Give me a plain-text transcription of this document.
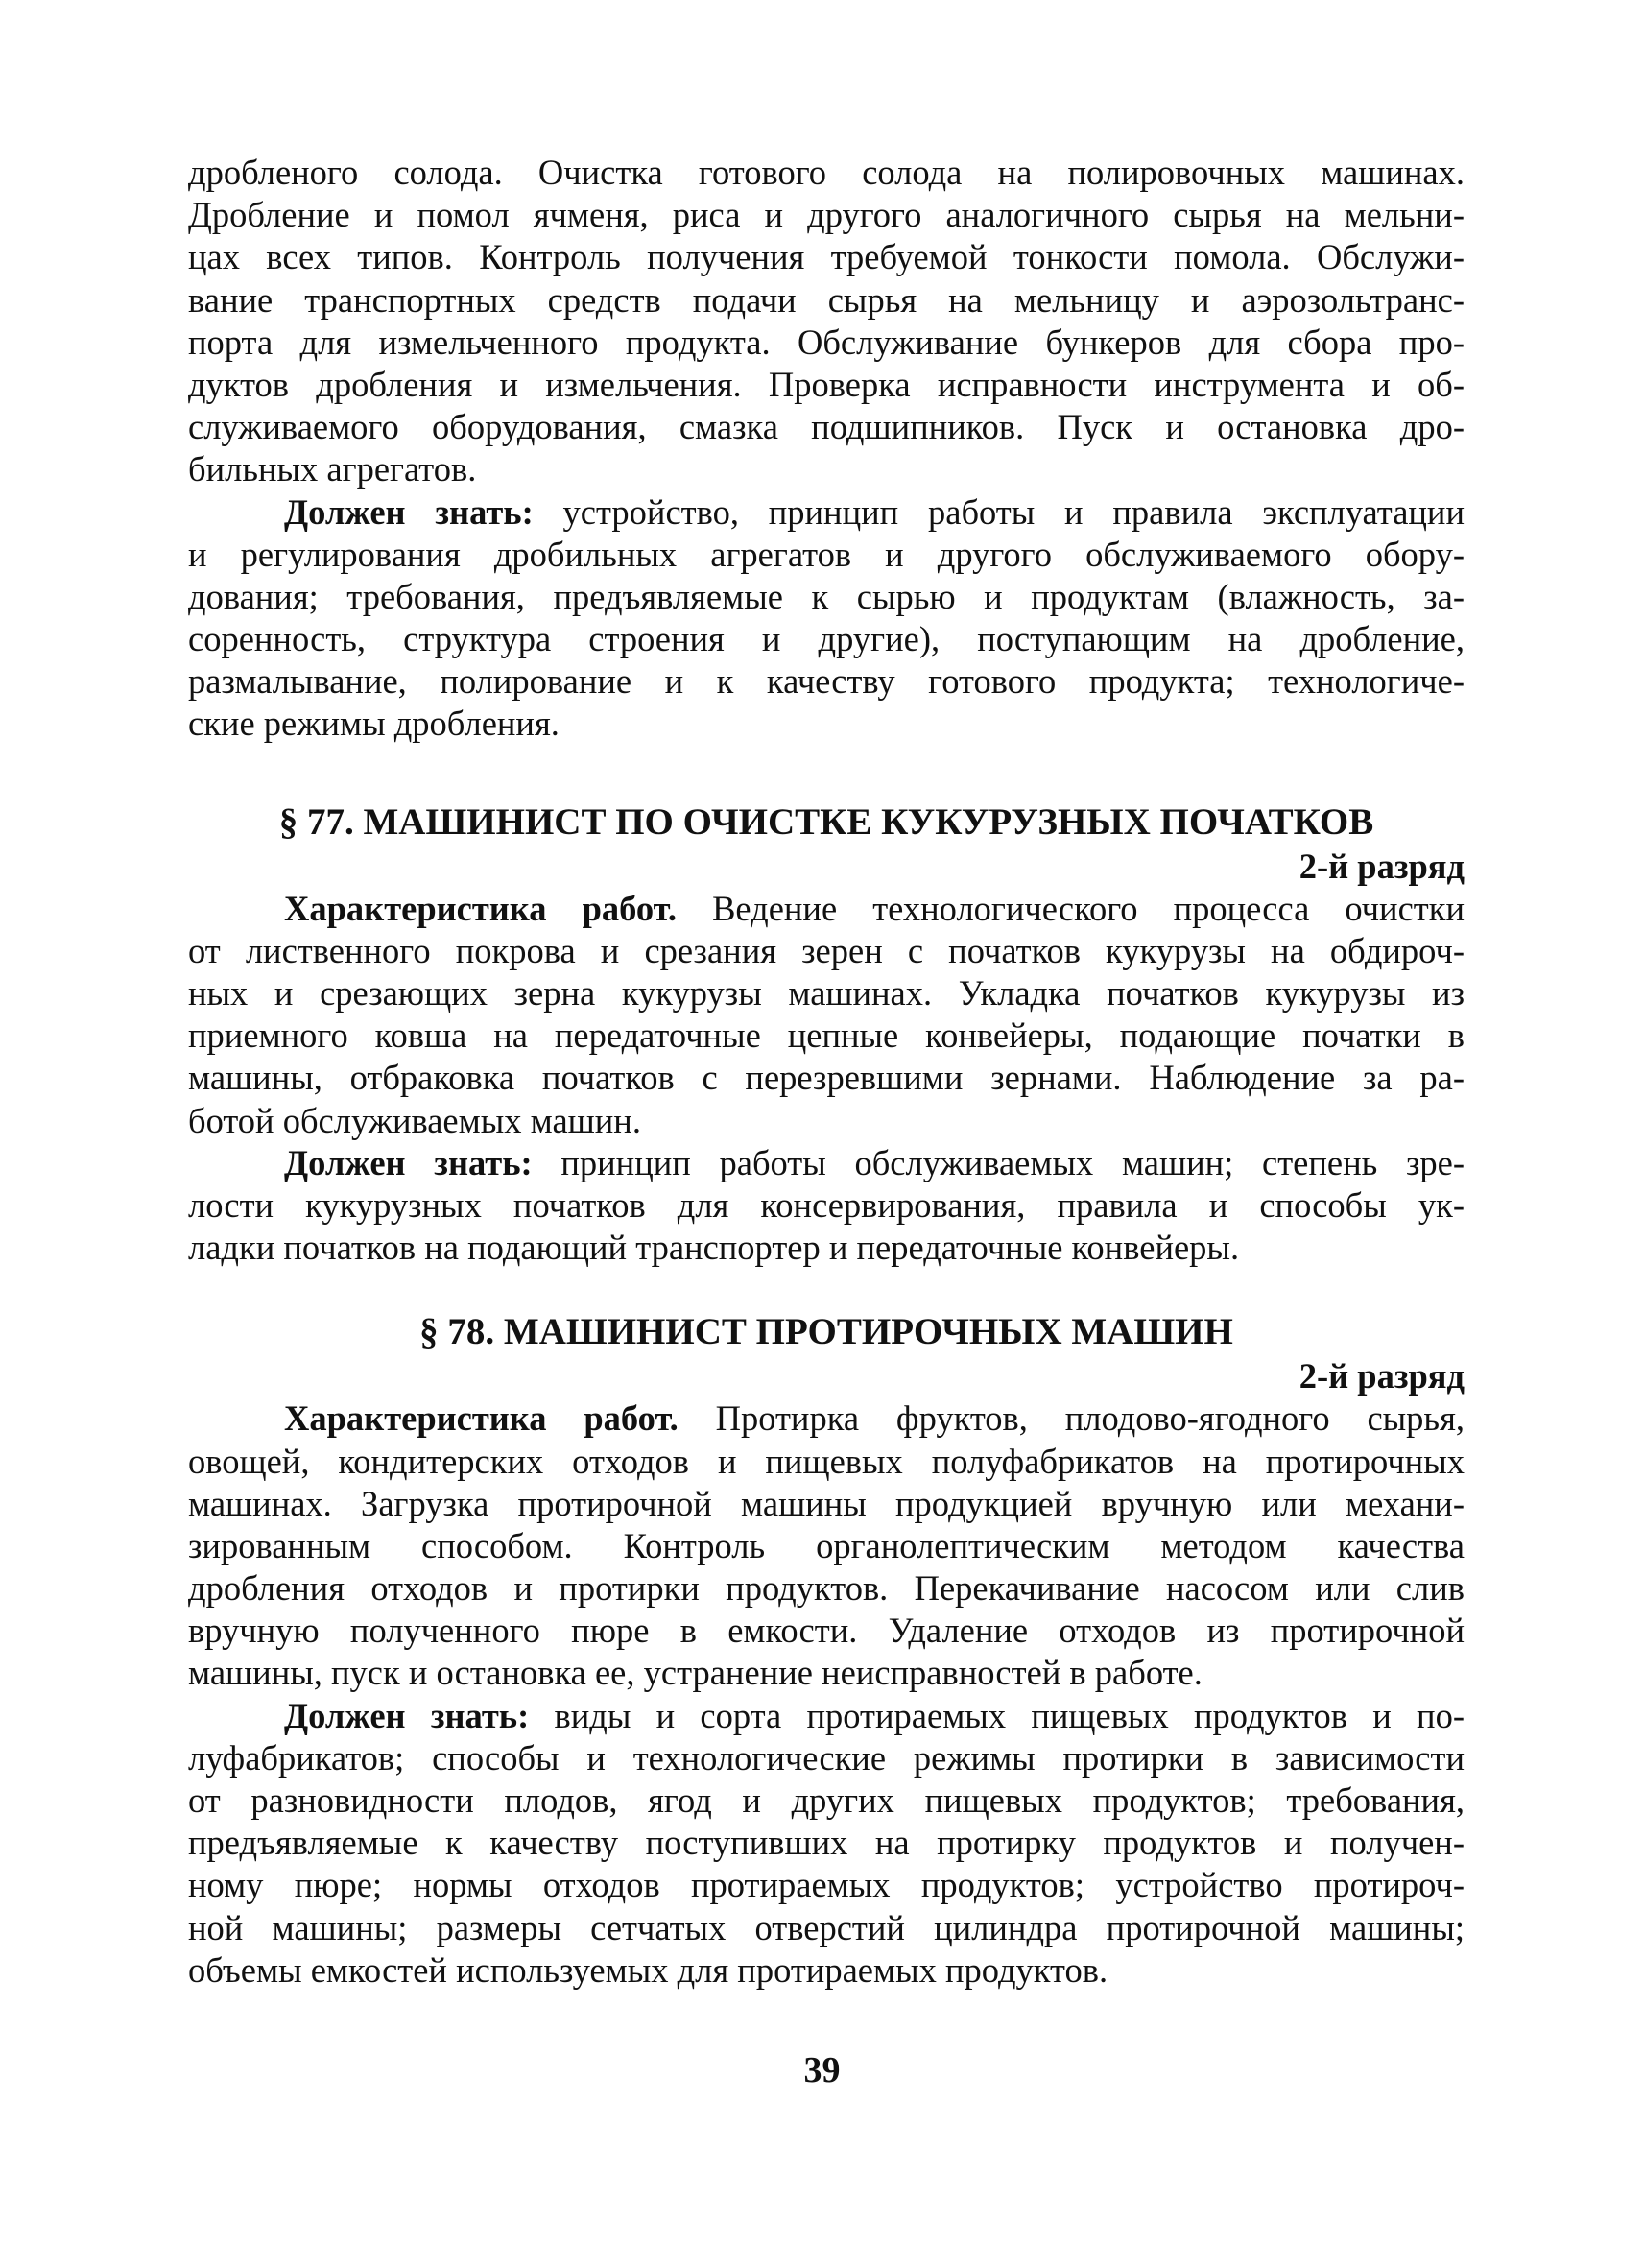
дробленого солода. Очистка готового солода на полировочных машинах.
Дробление и помол ячменя, риса и другого аналогичного сырья на мельни-
цах всех типов. Контроль получения требуемой тонкости помола. Обслужи-
вание транспортных средств подачи сырья на мельницу и аэрозольтранс-
порта для измельченного продукта. Обслуживание бункеров для сбора про-
дуктов дробления и измельчения. Проверка исправности инструмента и об-
служиваемого оборудования, смазка подшипников. Пуск и остановка дро-
бильных агрегатов.
Должен знать: устройство, принцип работы и правила эксплуатации
и регулирования дробильных агрегатов и другого обслуживаемого обору-
дования; требования, предъявляемые к сырью и продуктам (влажность, за-
соренность, структура строения и другие), поступающим на дробление,
размалывание, полирование и к качеству готового продукта; технологиче-
ские режимы дробления.
§ 77. МАШИНИСТ ПО ОЧИСТКЕ КУКУРУЗНЫХ ПОЧАТКОВ
2-й разряд
Характеристика работ. Ведение технологического процесса очистки
от лиственного покрова и срезания зерен с початков кукурузы на обдироч-
ных и срезающих зерна кукурузы машинах. Укладка початков кукурузы из
приемного ковша на передаточные цепные конвейеры, подающие початки в
машины, отбраковка початков с перезревшими зернами. Наблюдение за ра-
ботой обслуживаемых машин.
Должен знать: принцип работы обслуживаемых машин; степень зре-
лости кукурузных початков для консервирования, правила и способы ук-
ладки початков на подающий транспортер и передаточные конвейеры.
§ 78. МАШИНИСТ ПРОТИРОЧНЫХ МАШИН
2-й разряд
Характеристика работ. Протирка фруктов, плодово-ягодного сырья,
овощей, кондитерских отходов и пищевых полуфабрикатов на протирочных
машинах. Загрузка протирочной машины продукцией вручную или механи-
зированным способом. Контроль органолептическим методом качества
дробления отходов и протирки продуктов. Перекачивание насосом или слив
вручную полученного пюре в емкости. Удаление отходов из протирочной
машины, пуск и остановка ее, устранение неисправностей в работе.
Должен знать: виды и сорта протираемых пищевых продуктов и по-
луфабрикатов; способы и технологические режимы протирки в зависимости
от разновидности плодов, ягод и других пищевых продуктов; требования,
предъявляемые к качеству поступивших на протирку продуктов и получен-
ному пюре; нормы отходов протираемых продуктов; устройство протироч-
ной машины; размеры сетчатых отверстий цилиндра протирочной машины;
объемы емкостей используемых для протираемых продуктов.
39
